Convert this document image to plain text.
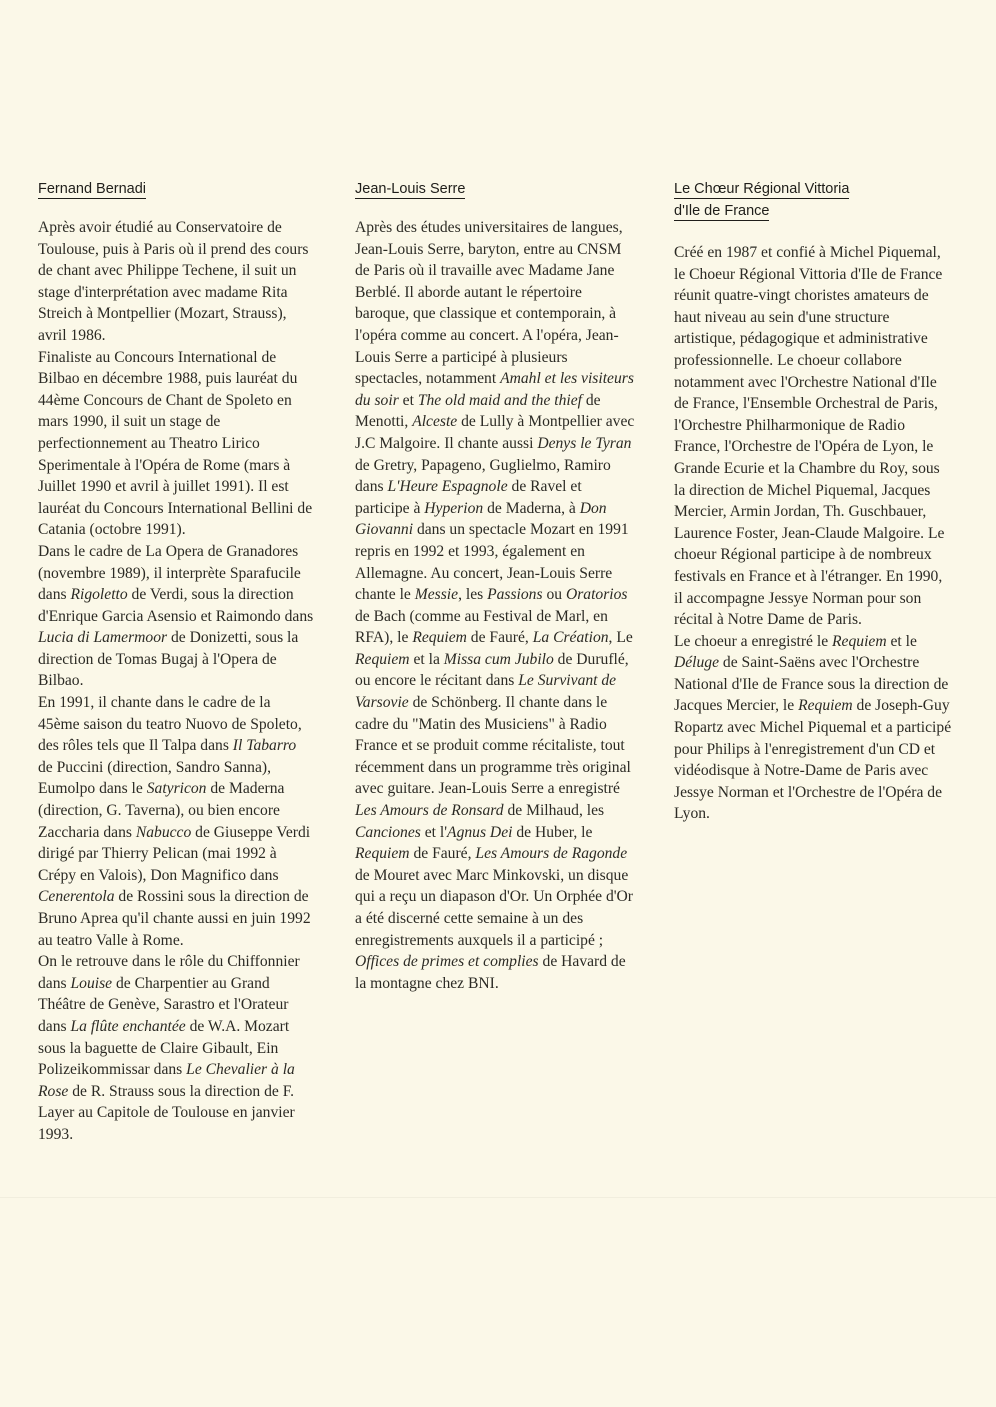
Fernand Bernadi

Après avoir étudié au Conservatoire de Toulouse, puis à Paris où il prend des cours de chant avec Philippe Techene, il suit un stage d'interprétation avec madame Rita Streich à Montpellier (Mozart, Strauss), avril 1986.

Finaliste au Concours International de Bilbao en décembre 1988, puis lauréat du 44ème Concours de Chant de Spoleto en mars 1990, il suit un stage de perfectionnement au Theatro Lirico Sperimentale à l'Opéra de Rome (mars à Juillet 1990 et avril à juillet 1991). Il est lauréat du Concours International Bellini de Catania (octobre 1991).

Dans le cadre de La Opera de Granadores (novembre 1989), il interprète Sparafucile dans Rigoletto de Verdi, sous la direction d'Enrique Garcia Asensio et Raimondo dans Lucia di Lamermoor de Donizetti, sous la direction de Tomas Bugaj à l'Opera de Bilbao.

En 1991, il chante dans le cadre de la 45ème saison du teatro Nuovo de Spoleto, des rôles tels que Il Talpa dans Il Tabarro de Puccini (direction, Sandro Sanna), Eumolpo dans le Satyricon de Maderna (direction, G. Taverna), ou bien encore Zaccharia dans Nabucco de Giuseppe Verdi dirigé par Thierry Pelican (mai 1992 à Crépy en Valois), Don Magnifico dans Cenerentola de Rossini sous la direction de Bruno Aprea qu'il chante aussi en juin 1992 au teatro Valle à Rome.

On le retrouve dans le rôle du Chiffonnier dans Louise de Charpentier au Grand Théâtre de Genève, Sarastro et l'Orateur dans La flûte enchantée de W.A. Mozart sous la baguette de Claire Gibault, Ein Polizeikommissar dans Le Chevalier à la Rose de R. Strauss sous la direction de F. Layer au Capitole de Toulouse en janvier 1993.

Jean-Louis Serre

Après des études universitaires de langues, Jean-Louis Serre, baryton, entre au CNSM de Paris où il travaille avec Madame Jane Berblé. Il aborde autant le répertoire baroque, que classique et contemporain, à l'opéra comme au concert. A l'opéra, Jean-Louis Serre a participé à plusieurs spectacles, notamment Amahl et les visiteurs du soir et The old maid and the thief de Menotti, Alceste de Lully à Montpellier avec J.C Malgoire. Il chante aussi Denys le Tyran de Gretry, Papageno, Guglielmo, Ramiro dans L'Heure Espagnole de Ravel et participe à Hyperion de Maderna, à Don Giovanni dans un spectacle Mozart en 1991 repris en 1992 et 1993, également en Allemagne. Au concert, Jean-Louis Serre chante le Messie, les Passions ou Oratorios de Bach (comme au Festival de Marl, en RFA), le Requiem de Fauré, La Création, Le Requiem et la Missa cum Jubilo de Duruflé, ou encore le récitant dans Le Survivant de Varsovie de Schönberg. Il chante dans le cadre du "Matin des Musiciens" à Radio France et se produit comme récitaliste, tout récemment dans un programme très original avec guitare. Jean-Louis Serre a enregistré Les Amours de Ronsard de Milhaud, les Canciones et l'Agnus Dei de Huber, le Requiem de Fauré, Les Amours de Ragonde de Mouret avec Marc Minkovski, un disque qui a reçu un diapason d'Or. Un Orphée d'Or a été discerné cette semaine à un des enregistrements auxquels il a participé ; Offices de primes et complies de Havard de la montagne chez BNI.

Le Chœur Régional Vittoria
d'Ile de France

Créé en 1987 et confié à Michel Piquemal, le Choeur Régional Vittoria d'Ile de France réunit quatre-vingt choristes amateurs de haut niveau au sein d'une structure artistique, pédagogique et administrative professionnelle. Le choeur collabore notamment avec l'Orchestre National d'Ile de France, l'Ensemble Orchestral de Paris, l'Orchestre Philharmonique de Radio France, l'Orchestre de l'Opéra de Lyon, le Grande Ecurie et la Chambre du Roy, sous la direction de Michel Piquemal, Jacques Mercier, Armin Jordan, Th. Guschbauer, Laurence Foster, Jean-Claude Malgoire. Le choeur Régional participe à de nombreux festivals en France et à l'étranger. En 1990, il accompagne Jessye Norman pour son récital à Notre Dame de Paris.

Le choeur a enregistré le Requiem et le Déluge de Saint-Saëns avec l'Orchestre National d'Ile de France sous la direction de Jacques Mercier, le Requiem de Joseph-Guy Ropartz avec Michel Piquemal et a participé pour Philips à l'enregistrement d'un CD et vidéodisque à Notre-Dame de Paris avec Jessye Norman et l'Orchestre de l'Opéra de Lyon.
